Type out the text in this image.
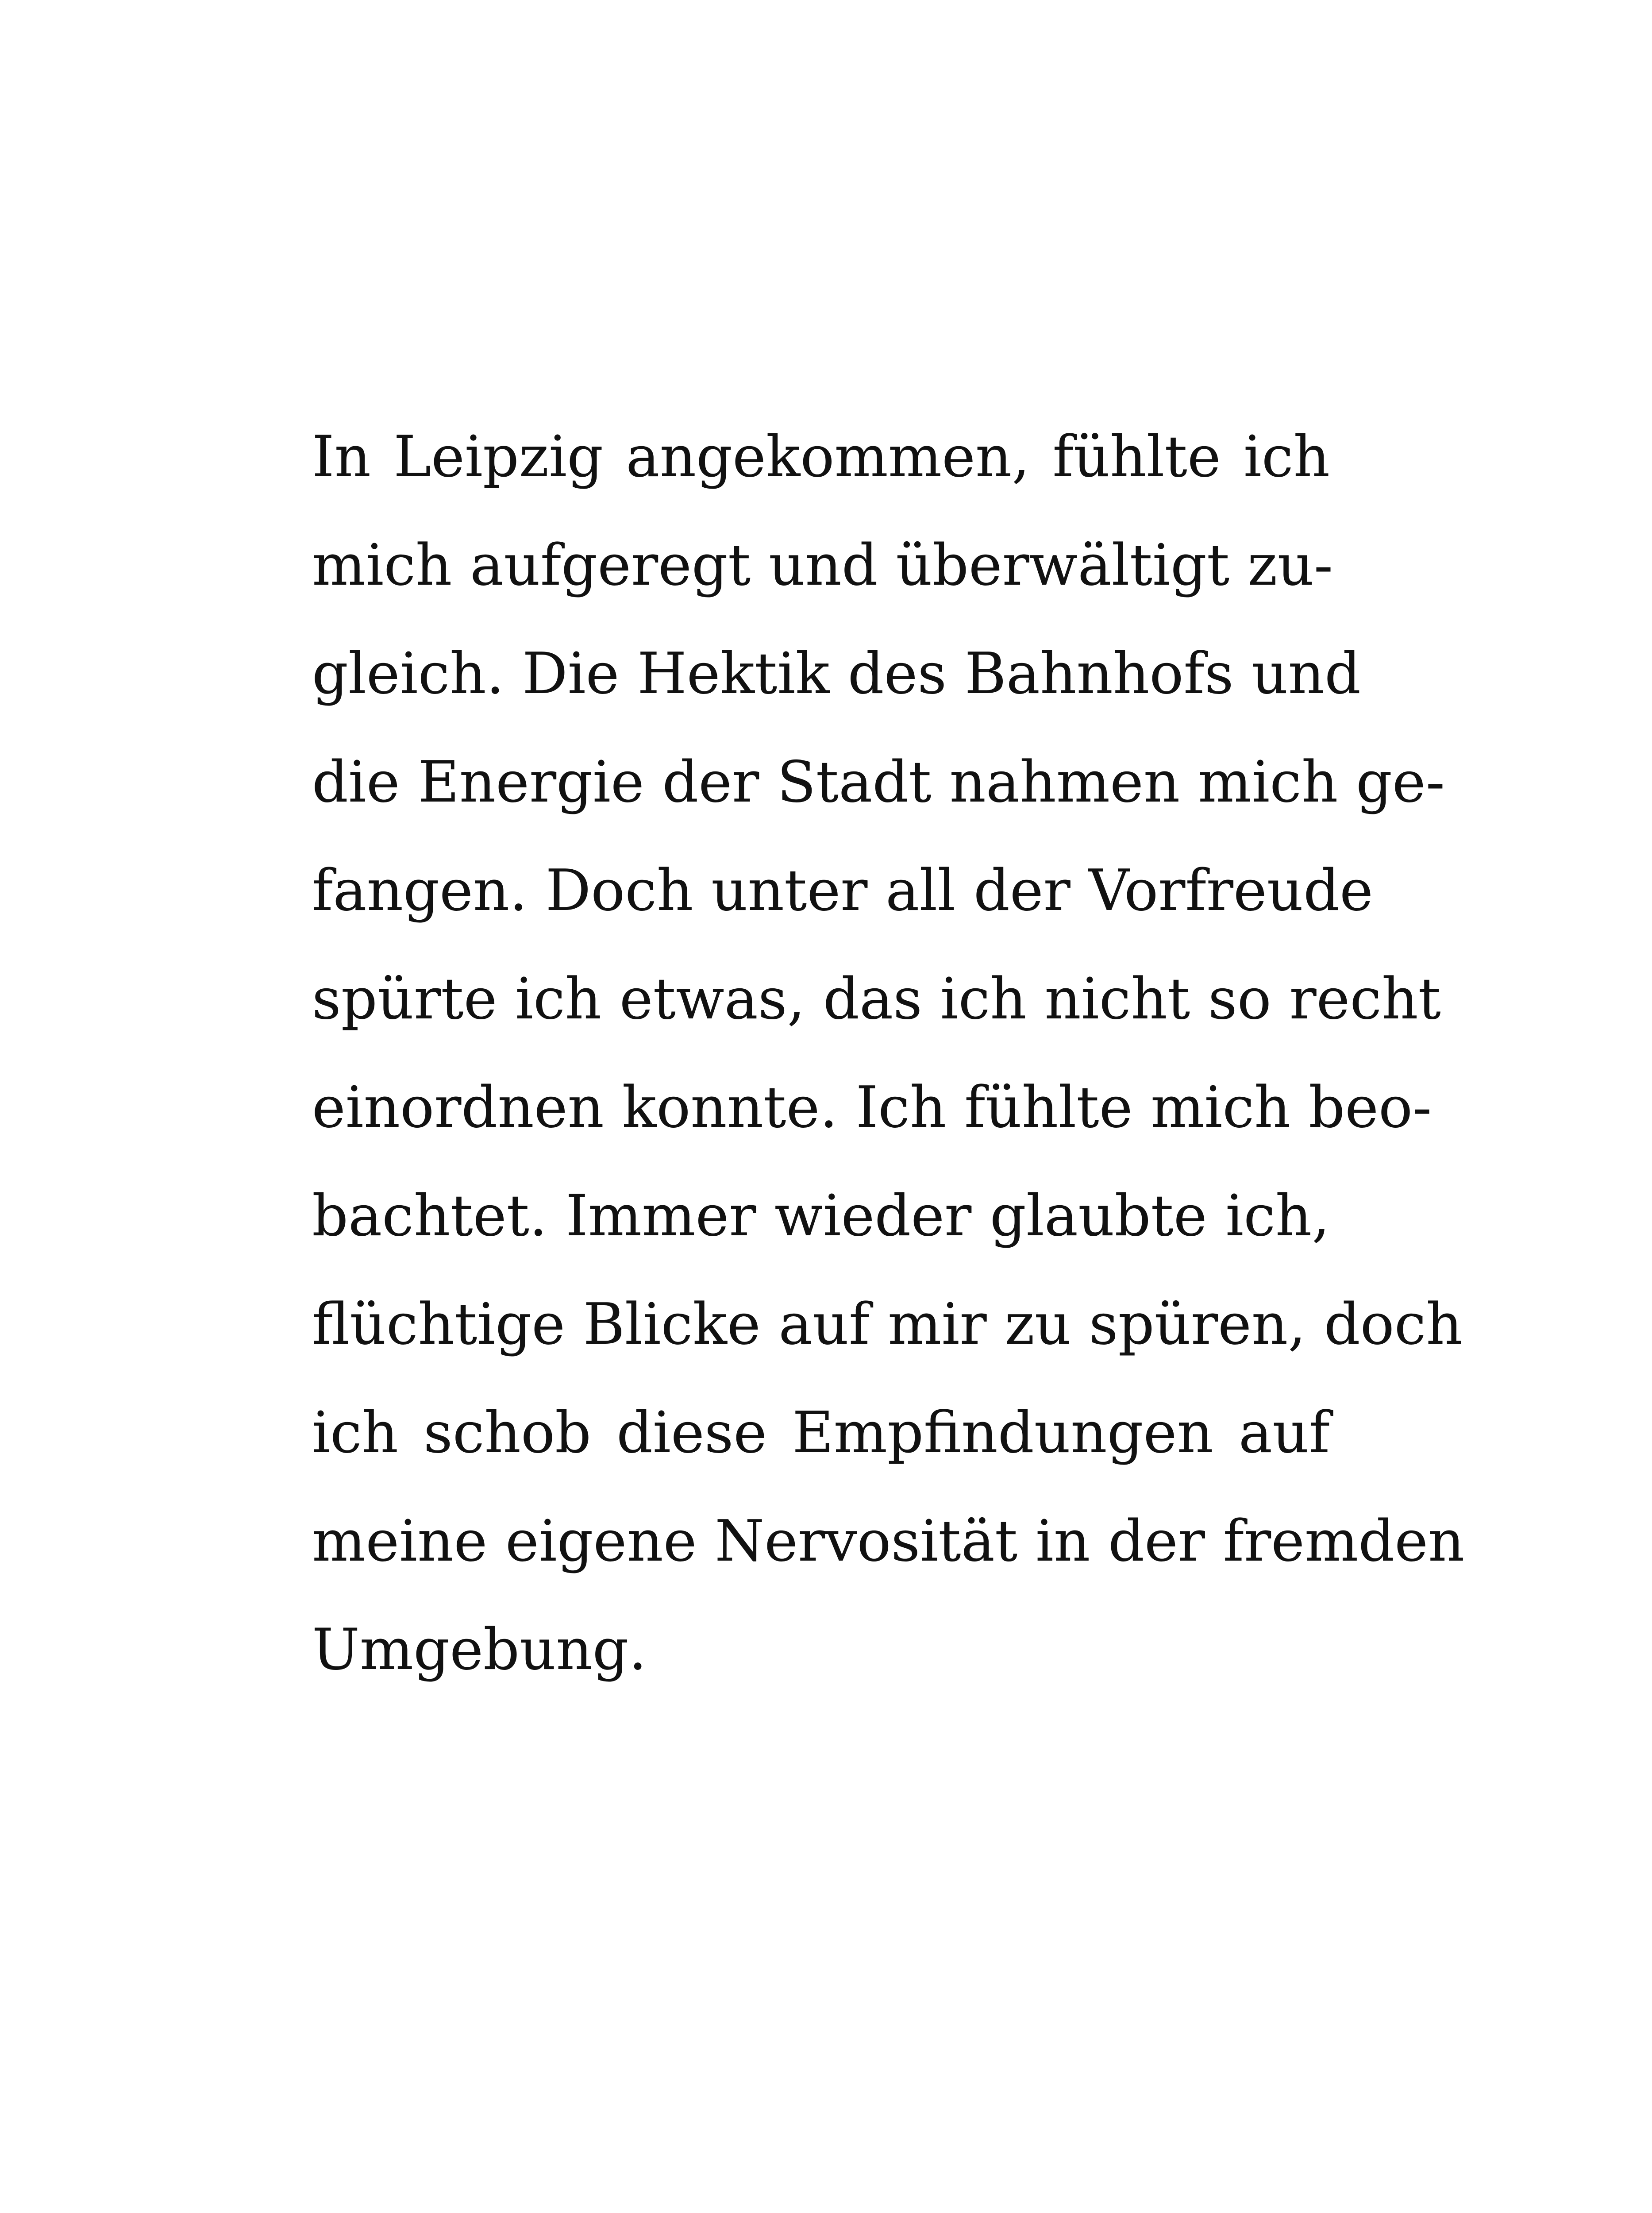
In Leipzig angekommen, fühlte ich
mich aufgeregt und überwältigt zu-
gleich. Die Hektik des Bahnhofs und
die Energie der Stadt nahmen mich ge-
fangen. Doch unter all der Vorfreude
spürte ich etwas, das ich nicht so recht
einordnen konnte. Ich fühlte mich beo-
bachtet. Immer wieder glaubte ich,
flüchtige Blicke auf mir zu spüren, doch
ich schob diese Empfindungen auf
meine eigene Nervosität in der fremden
Umgebung.
